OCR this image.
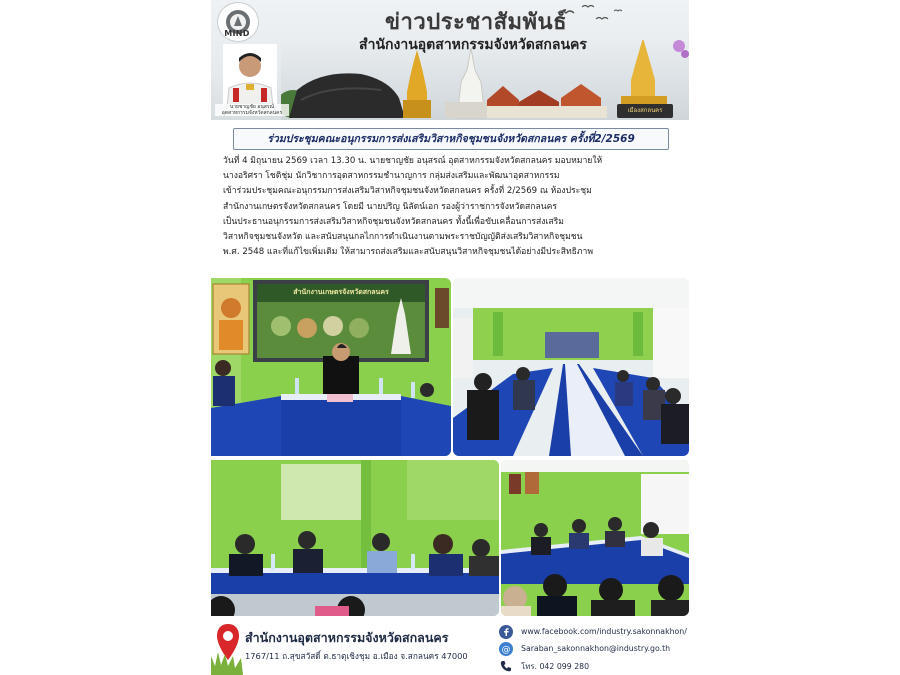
เมืองสกลนคร
MIND	ข่าวประชาสัมพันธ์
สำนักงานอุตสาหกรรมจังหวัดสกลนคร
นายชาญชัย อนุสรณ์
อุตสาหกรรมจังหวัดสกลนคร
ร่วมประชุมคณะอนุกรรมการส่งเสริมวิสาหกิจชุมชนจังหวัดสกลนคร ครั้งที่2/2569

วันที่ 4 มิถุนายน 2569 เวลา 13.30 น. นายชาญชัย อนุสรณ์ อุตสาหกรรมจังหวัดสกลนคร มอบหมายให้

นางอริศรา โชติชุ่ม นักวิชาการอุตสาหกรรมชำนาญการ กลุ่มส่งเสริมและพัฒนาอุตสาหกรรม

เข้าร่วมประชุมคณะอนุกรรมการส่งเสริมวิสาหกิจชุมชนจังหวัดสกลนคร ครั้งที่ 2/2569 ณ ห้องประชุม

สำนักงานเกษตรจังหวัดสกลนคร โดยมี นายปริญ นิลัดน์เอก รองผู้ว่าราชการจังหวัดสกลนคร

เป็นประธานอนุกรรมการส่งเสริมวิสาหกิจชุมชนจังหวัดสกลนคร ทั้งนี้เพื่อขับเคลื่อนการส่งเสริม

วิสาหกิจชุมชนจังหวัด และสนับสนุนกลไกการดำเนินงานตามพระราชบัญญัติส่งเสริมวิสาหกิจชุมชน

พ.ศ. 2548 และที่แก้ไขเพิ่มเติม ให้สามารถส่งเสริมและสนับสนุนวิสาหกิจชุมชนได้อย่างมีประสิทธิภาพ

สำนักงานเกษตรจังหวัดสกลนคร
สำนักงานอุตสาหกรรมจังหวัดสกลนคร
1767/11 ถ.สุขสวัสดิ์ ต.ธาตุเชิงชุม อ.เมือง จ.สกลนคร 47000
www.facebook.com/industry.sakonnakhon/
@ Saraban_sakonnakhon@industry.go.th
โทร. 042 099 280
